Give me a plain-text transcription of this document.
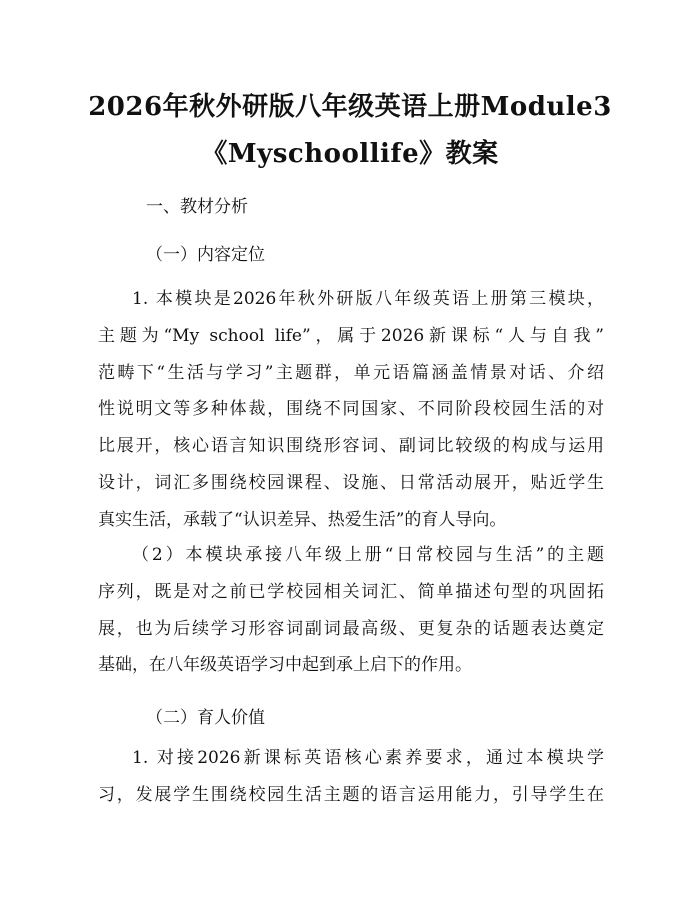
2026年秋外研版八年级英语上册Module3
《Myschoollife》教案
一、教材分析
（一）内容定位
1. 本模块是2026年秋外研版八年级英语上册第三模块，
主题为“My school life”，属于2026新课标“人与自我”
范畴下“生活与学习”主题群，单元语篇涵盖情景对话、介绍
性说明文等多种体裁，围绕不同国家、不同阶段校园生活的对
比展开，核心语言知识围绕形容词、副词比较级的构成与运用
设计，词汇多围绕校园课程、设施、日常活动展开，贴近学生
真实生活，承载了“认识差异、热爱生活”的育人导向。
（2）本模块承接八年级上册“日常校园与生活”的主题
序列，既是对之前已学校园相关词汇、简单描述句型的巩固拓
展，也为后续学习形容词副词最高级、更复杂的话题表达奠定
基础，在八年级英语学习中起到承上启下的作用。
（二）育人价值
1. 对接2026新课标英语核心素养要求，通过本模块学
习，发展学生围绕校园生活主题的语言运用能力，引导学生在
